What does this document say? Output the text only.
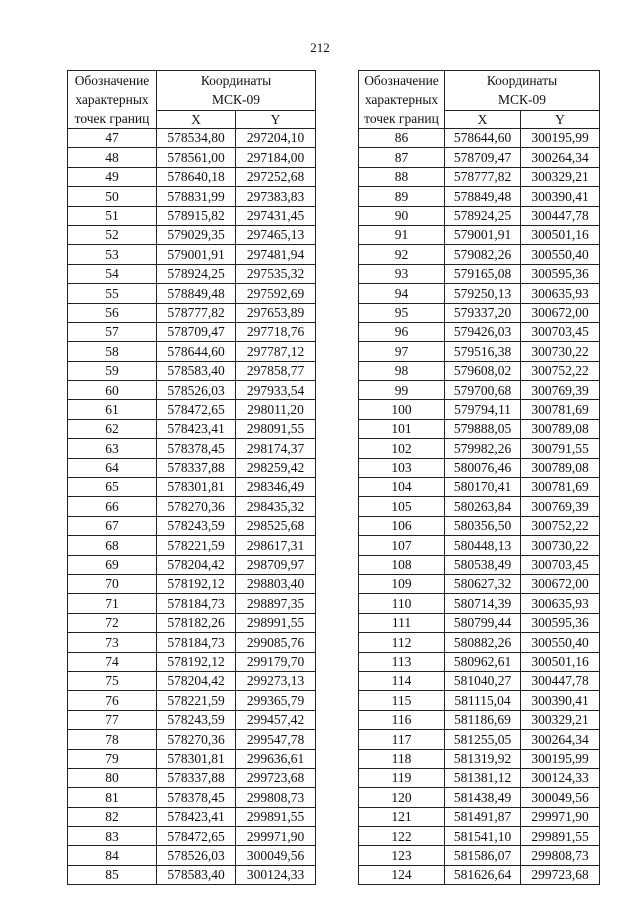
212
Обозначение
характерных
точек границ	Координаты
МСК-09	

	X	Y
47	578534,80	297204,10
48	578561,00	297184,00
49	578640,18	297252,68
50	578831,99	297383,83
51	578915,82	297431,45
52	579029,35	297465,13
53	579001,91	297481,94
54	578924,25	297535,32
55	578849,48	297592,69
56	578777,82	297653,89
57	578709,47	297718,76
58	578644,60	297787,12
59	578583,40	297858,77
60	578526,03	297933,54
61	578472,65	298011,20
62	578423,41	298091,55
63	578378,45	298174,37
64	578337,88	298259,42
65	578301,81	298346,49
66	578270,36	298435,32
67	578243,59	298525,68
68	578221,59	298617,31
69	578204,42	298709,97
70	578192,12	298803,40
71	578184,73	298897,35
72	578182,26	298991,55
73	578184,73	299085,76
74	578192,12	299179,70
75	578204,42	299273,13
76	578221,59	299365,79
77	578243,59	299457,42
78	578270,36	299547,78
79	578301,81	299636,61
80	578337,88	299723,68
81	578378,45	299808,73
82	578423,41	299891,55
83	578472,65	299971,90
84	578526,03	300049,56
85	578583,40	300124,33
Обозначение
характерных
точек границ	Координаты
МСК-09	

	X	Y
86	578644,60	300195,99
87	578709,47	300264,34
88	578777,82	300329,21
89	578849,48	300390,41
90	578924,25	300447,78
91	579001,91	300501,16
92	579082,26	300550,40
93	579165,08	300595,36
94	579250,13	300635,93
95	579337,20	300672,00
96	579426,03	300703,45
97	579516,38	300730,22
98	579608,02	300752,22
99	579700,68	300769,39
100	579794,11	300781,69
101	579888,05	300789,08
102	579982,26	300791,55
103	580076,46	300789,08
104	580170,41	300781,69
105	580263,84	300769,39
106	580356,50	300752,22
107	580448,13	300730,22
108	580538,49	300703,45
109	580627,32	300672,00
110	580714,39	300635,93
111	580799,44	300595,36
112	580882,26	300550,40
113	580962,61	300501,16
114	581040,27	300447,78
115	581115,04	300390,41
116	581186,69	300329,21
117	581255,05	300264,34
118	581319,92	300195,99
119	581381,12	300124,33
120	581438,49	300049,56
121	581491,87	299971,90
122	581541,10	299891,55
123	581586,07	299808,73
124	581626,64	299723,68
